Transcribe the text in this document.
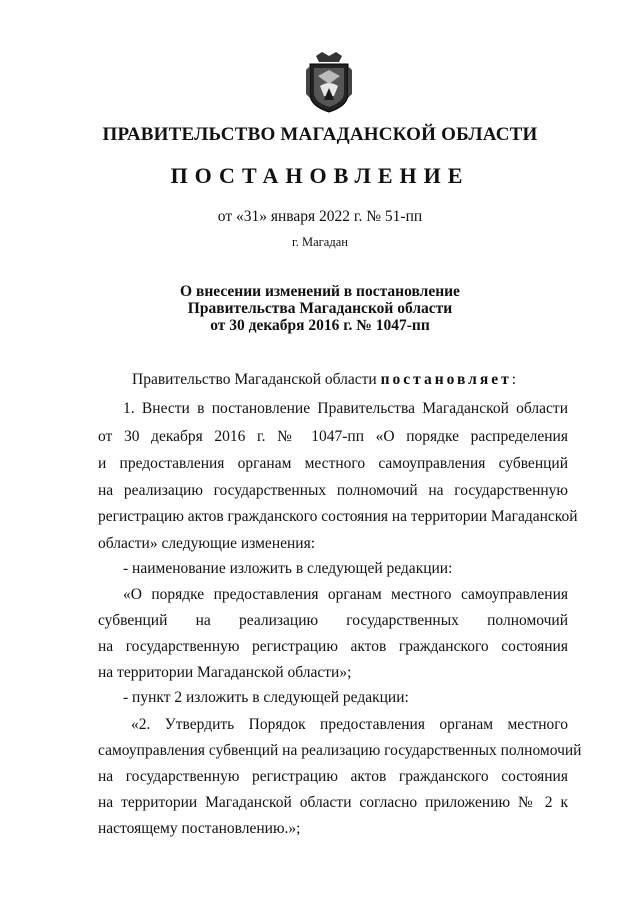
ПРАВИТЕЛЬСТВО МАГАДАНСКОЙ ОБЛАСТИ
ПОСТАНОВЛЕНИЕ
от «31» января 2022 г. № 51-пп
г. Магадан
О внесении изменений в постановление
Правительства Магаданской области
от 30 декабря 2016 г. № 1047-пп
Правительство Магаданской области постановляет:
1. Внести в постановление Правительства Магаданской области
от 30 декабря 2016 г. № 1047-пп «О порядке распределения
и предоставления органам местного самоуправления субвенций
на реализацию государственных полномочий на государственную
регистрацию актов гражданского состояния на территории Магаданской
области» следующие изменения:
- наименование изложить в следующей редакции:
«О порядке предоставления органам местного самоуправления
субвенций на реализацию государственных полномочий
на государственную регистрацию актов гражданского состояния
на территории Магаданской области»;
- пункт 2 изложить в следующей редакции:
«2. Утвердить Порядок предоставления органам местного
самоуправления субвенций на реализацию государственных полномочий
на государственную регистрацию актов гражданского состояния
на территории Магаданской области согласно приложению № 2 к
настоящему постановлению.»;
